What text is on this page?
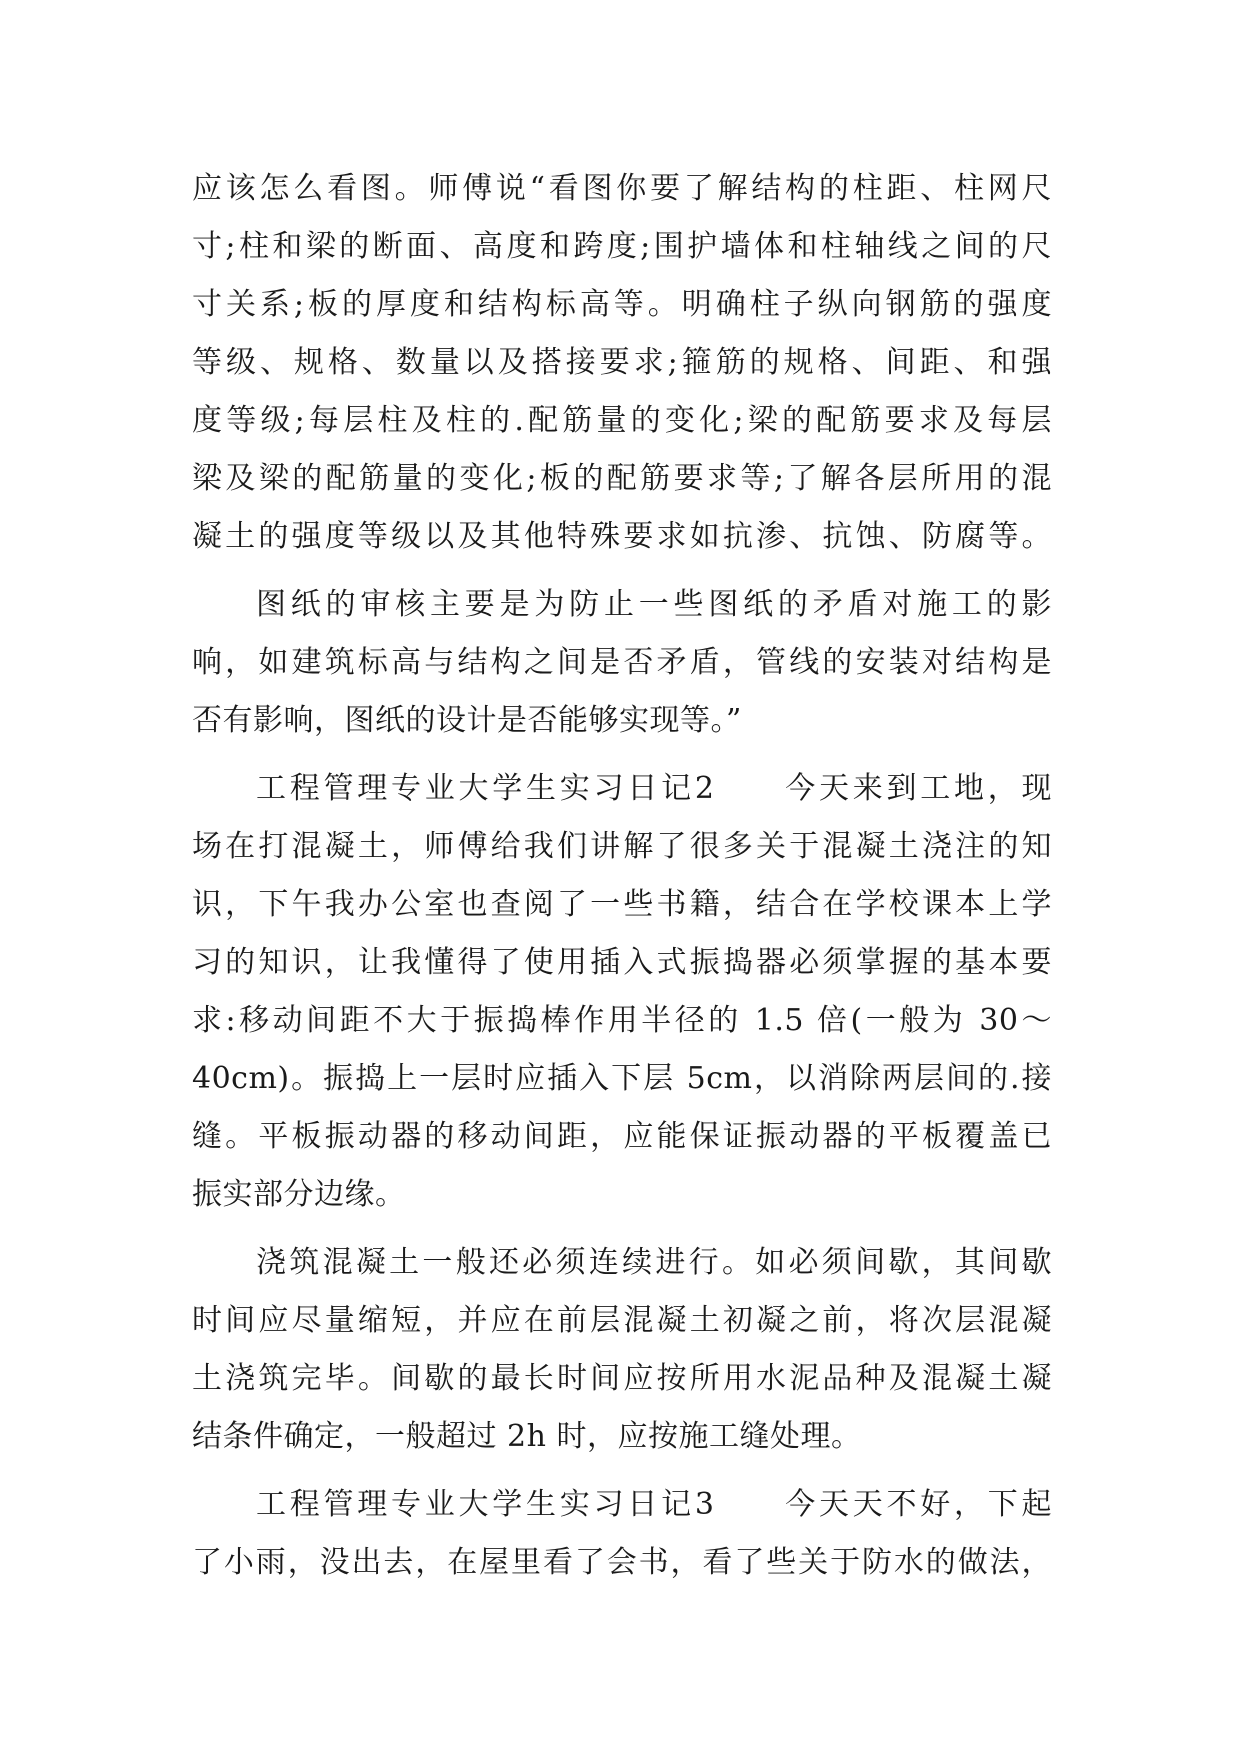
应该怎么看图。师傅说“看图你要了解结构的柱距、柱网尺
寸;柱和梁的断面、高度和跨度;围护墙体和柱轴线之间的尺
寸关系;板的厚度和结构标高等。明确柱子纵向钢筋的强度
等级、规格、数量以及搭接要求;箍筋的规格、间距、和强
度等级;每层柱及柱的.配筋量的变化;梁的配筋要求及每层
梁及梁的配筋量的变化;板的配筋要求等;了解各层所用的混
凝土的强度等级以及其他特殊要求如抗渗、抗蚀、防腐等。
图纸的审核主要是为防止一些图纸的矛盾对施工的影
响，如建筑标高与结构之间是否矛盾，管线的安装对结构是
否有影响，图纸的设计是否能够实现等。”
工程管理专业大学生实习日记2　　今天来到工地，现
场在打混凝土，师傅给我们讲解了很多关于混凝土浇注的知
识，下午我办公室也查阅了一些书籍，结合在学校课本上学
习的知识，让我懂得了使用插入式振捣器必须掌握的基本要
求:移动间距不大于振捣棒作用半径的 1.5 倍(一般为 30～
40cm)。振捣上一层时应插入下层 5cm，以消除两层间的.接
缝。平板振动器的移动间距，应能保证振动器的平板覆盖已
振实部分边缘。
浇筑混凝土一般还必须连续进行。如必须间歇，其间歇
时间应尽量缩短，并应在前层混凝土初凝之前，将次层混凝
土浇筑完毕。间歇的最长时间应按所用水泥品种及混凝土凝
结条件确定，一般超过 2h 时，应按施工缝处理。
工程管理专业大学生实习日记3　　今天天不好，下起
了小雨，没出去，在屋里看了会书，看了些关于防水的做法，
